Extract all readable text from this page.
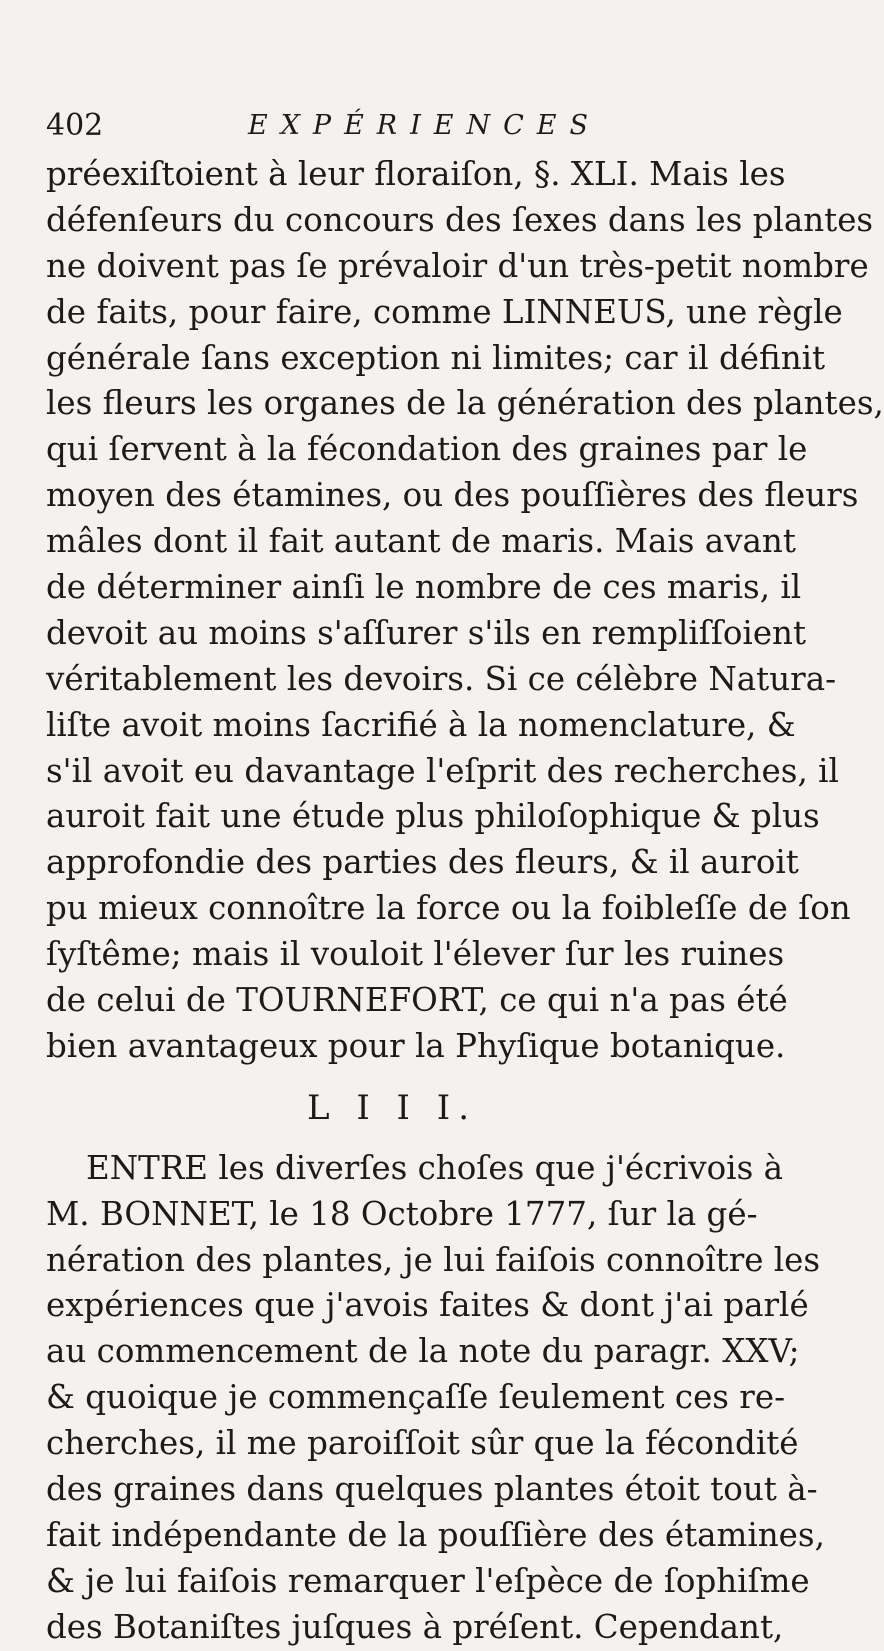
402	EXPÉRIENCES
préexiſtoient à leur floraiſon, §. XLI. Mais les
défenſeurs du concours des ſexes dans les plantes
ne doivent pas ſe prévaloir d'un très-petit nombre
de faits, pour faire, comme LINNEUS, une règle
générale ſans exception ni limites; car il définit
les fleurs les organes de la génération des plantes,
qui ſervent à la fécondation des graines par le
moyen des étamines, ou des pouſſières des fleurs
mâles dont il fait autant de maris. Mais avant
de déterminer ainſi le nombre de ces maris, il
devoit au moins s'aſſurer s'ils en rempliſſoient
véritablement les devoirs. Si ce célèbre Natura-
liſte avoit moins ſacrifié à la nomenclature, &
s'il avoit eu davantage l'eſprit des recherches, il
auroit fait une étude plus philoſophique & plus
approfondie des parties des fleurs, & il auroit
pu mieux connoître la force ou la foibleſſe de ſon
ſyſtême; mais il vouloit l'élever ſur les ruines
de celui de TOURNEFORT, ce qui n'a pas été
bien avantageux pour la Phyſique botanique.
L I I I.
ENTRE les diverſes choſes que j'écrivois à
M. BONNET, le 18 Octobre 1777, ſur la gé-
nération des plantes, je lui faiſois connoître les
expériences que j'avois faites & dont j'ai parlé
au commencement de la note du paragr. XXV;
& quoique je commençaſſe ſeulement ces re-
cherches, il me paroiſſoit sûr que la fécondité
des graines dans quelques plantes étoit tout à-
fait indépendante de la pouſſière des étamines,
& je lui faiſois remarquer l'eſpèce de ſophiſme
des Botaniſtes juſques à préſent. Cependant,
